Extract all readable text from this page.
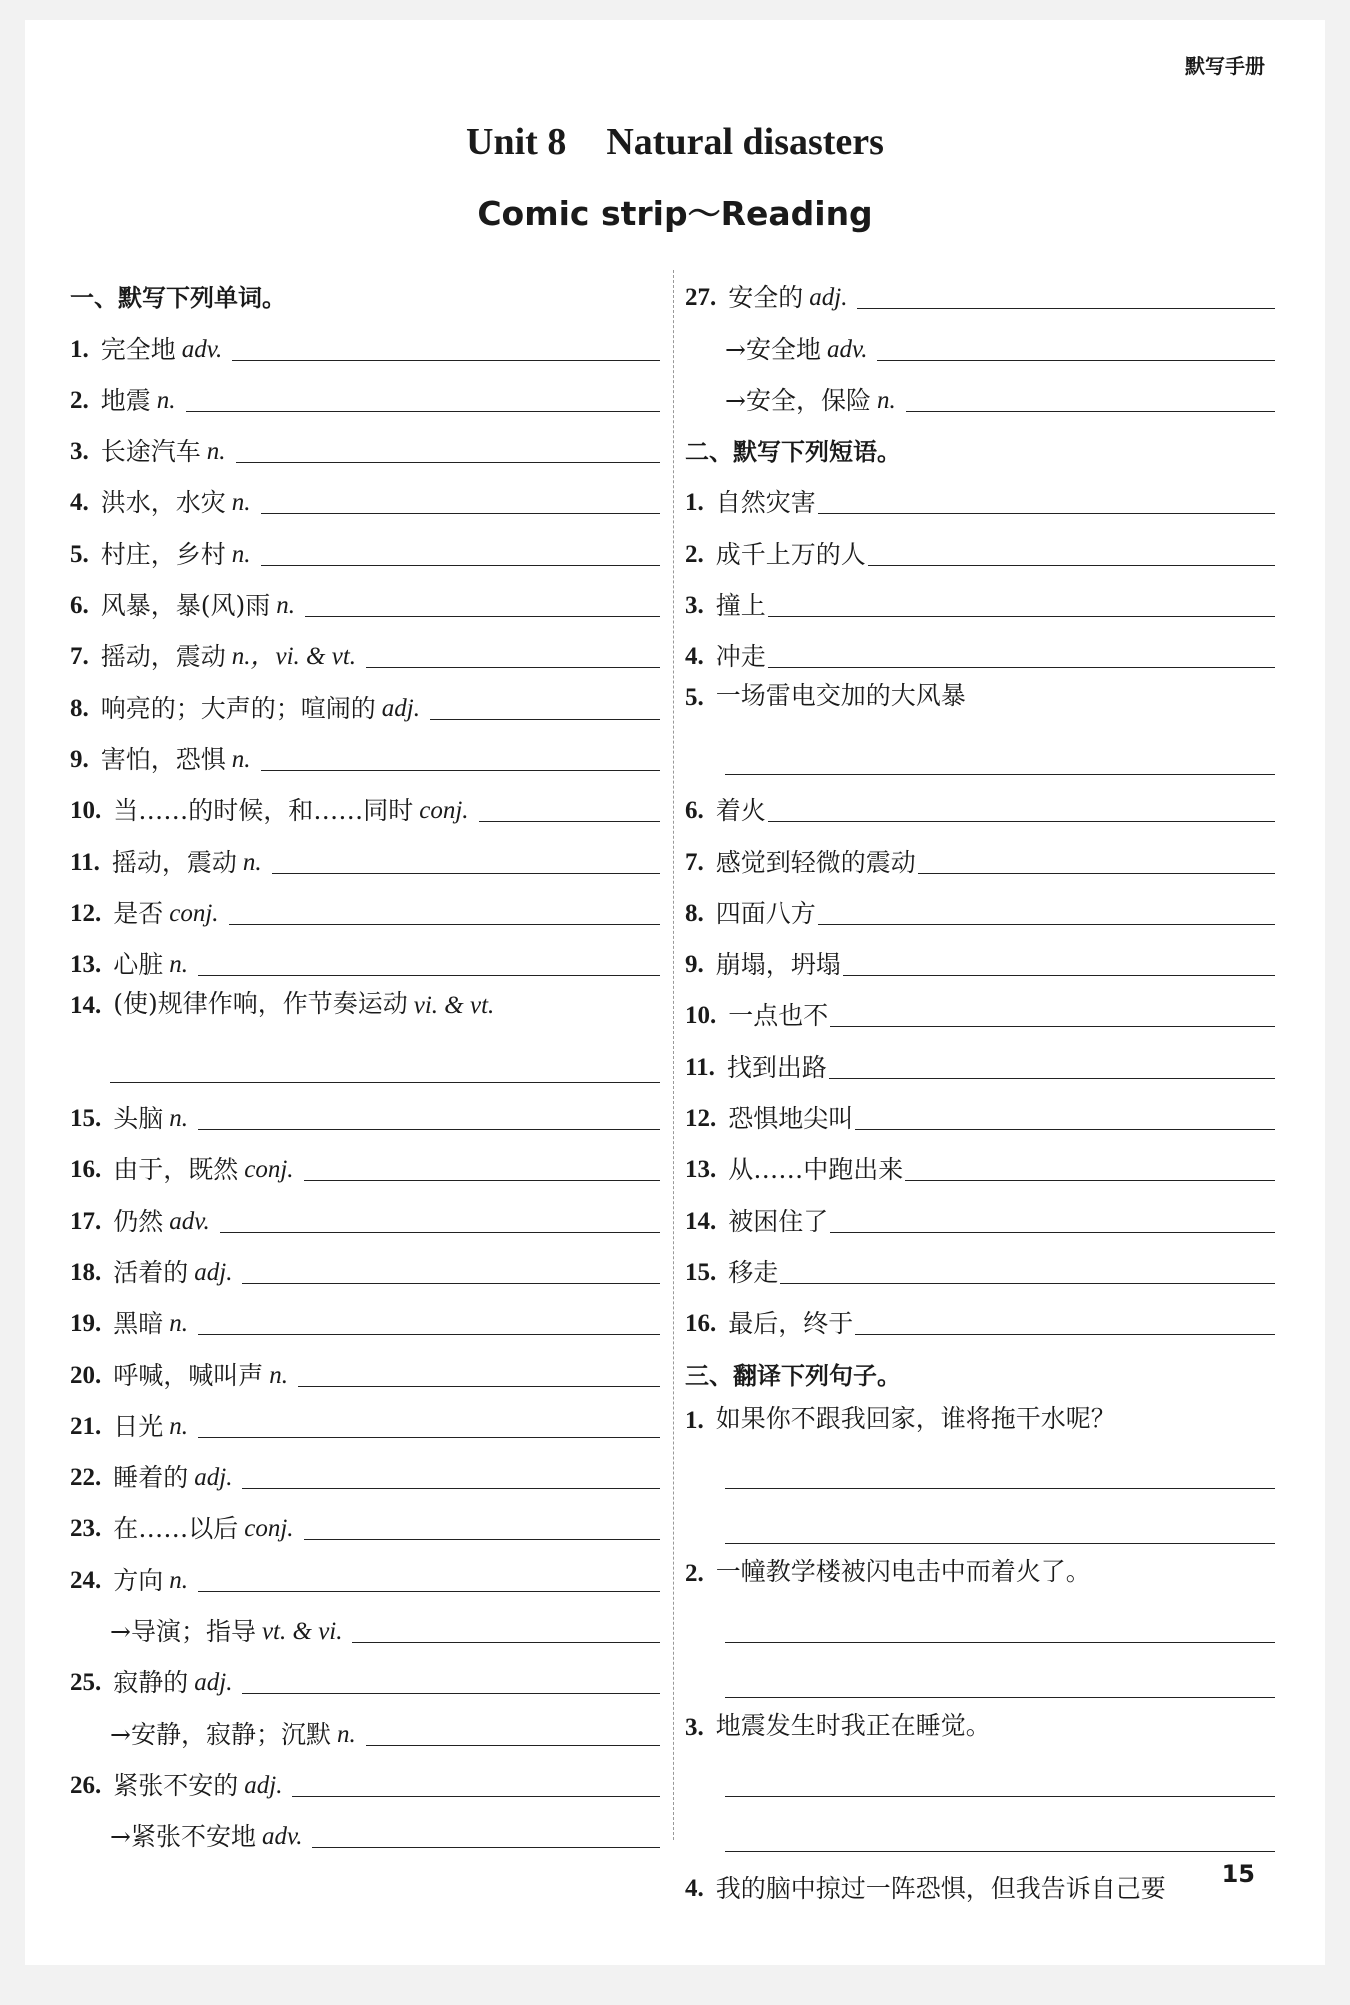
默写手册
Unit 8 Natural disasters
Comic strip～Reading
一、默写下列单词。
1. 完全地 adv.
2. 地震 n.
3. 长途汽车 n.
4. 洪水，水灾 n.
5. 村庄，乡村 n.
6. 风暴，暴(风)雨 n.
7. 摇动，震动 n.，vi. & vt.
8. 响亮的；大声的；喧闹的 adj.
9. 害怕，恐惧 n.
10. 当……的时候，和……同时 conj.
11. 摇动，震动 n.
12. 是否 conj.
13. 心脏 n.
14. (使)规律作响，作节奏运动 vi. & vt.
15. 头脑 n.
16. 由于，既然 conj.
17. 仍然 adv.
18. 活着的 adj.
19. 黑暗 n.
20. 呼喊，喊叫声 n.
21. 日光 n.
22. 睡着的 adj.
23. 在……以后 conj.
24. 方向 n.
→导演；指导 vt. & vi.
25. 寂静的 adj.
→安静，寂静；沉默 n.
26. 紧张不安的 adj.
→紧张不安地 adv.
27. 安全的 adj.
→安全地 adv.
→安全，保险 n.
二、默写下列短语。
1. 自然灾害
2. 成千上万的人
3. 撞上
4. 冲走
5. 一场雷电交加的大风暴
6. 着火
7. 感觉到轻微的震动
8. 四面八方
9. 崩塌，坍塌
10. 一点也不
11. 找到出路
12. 恐惧地尖叫
13. 从……中跑出来
14. 被困住了
15. 移走
16. 最后，终于
三、翻译下列句子。
1. 如果你不跟我回家，谁将拖干水呢？
2. 一幢教学楼被闪电击中而着火了。
3. 地震发生时我正在睡觉。
4. 我的脑中掠过一阵恐惧，但我告诉自己要 15
